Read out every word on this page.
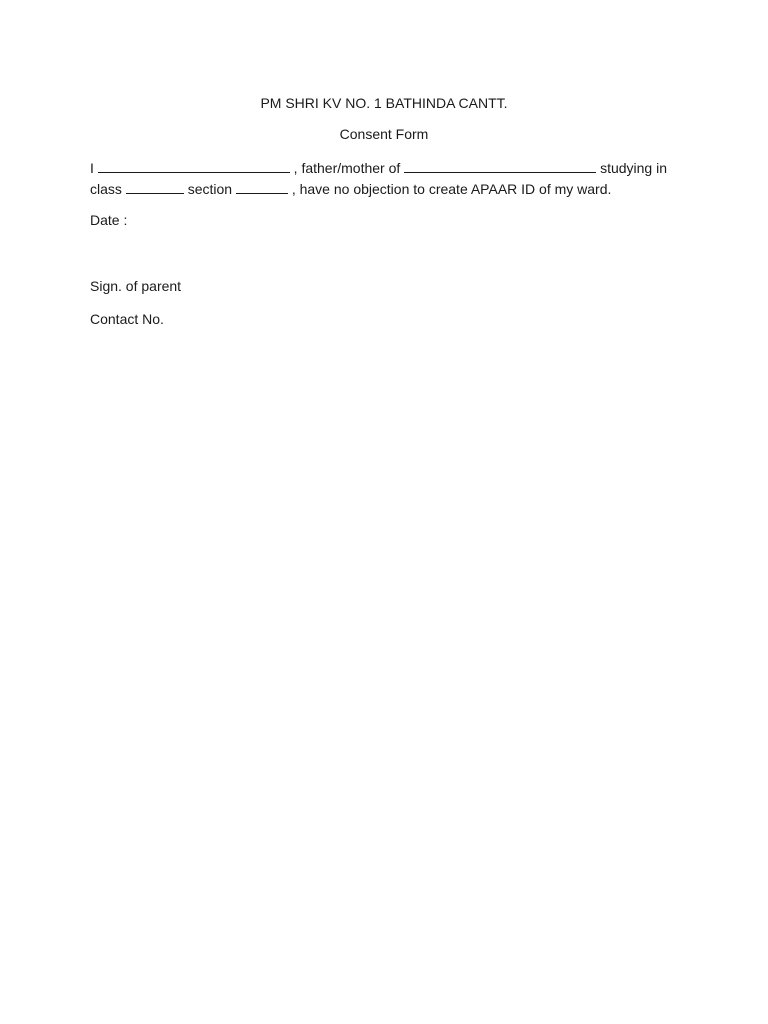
PM SHRI KV NO. 1 BATHINDA CANTT.
Consent Form
I	, father/mother of	studying in
class	section	, have no objection to create APAAR ID of my ward.
Date :
Sign. of parent
Contact No.
